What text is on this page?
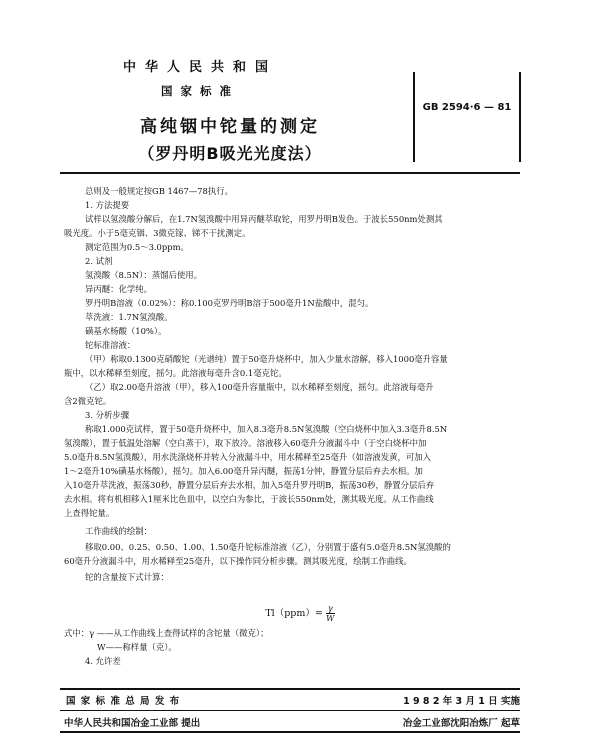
中华人民共和国
国家标准
GB 2594·6 — 81
高纯铟中铊量的测定
（罗丹明B吸光光度法）
总则及一般规定按GB 1467—78执行。
1. 方法提要
试样以氢溴酸分解后，在1.7N氢溴酸中用异丙醚萃取铊，用罗丹明B发色。于波长550nm处测其
吸光度。小于5毫克铟、3微克镓、锑不干扰测定。
测定范围为0.5～3.0ppm。
2. 试剂
氢溴酸（8.5N）：蒸馏后使用。
异丙醚：化学纯。
罗丹明B溶液（0.02%）：称0.100克罗丹明B溶于500毫升1N盐酸中，混匀。
萃洗液：1.7N氢溴酸。
磺基水杨酸（10%）。
铊标准溶液：
（甲）称取0.1300克硝酸铊（光谱纯）置于50毫升烧杯中，加入少量水溶解，移入1000毫升容量
瓶中，以水稀释至刻度，摇匀。此溶液每毫升含0.1毫克铊。
（乙）取2.00毫升溶液（甲），移入100毫升容量瓶中，以水稀释至刻度，摇匀。此溶液每毫升
含2微克铊。
3. 分析步骤
称取1.000克试样，置于50毫升烧杯中，加入8.3毫升8.5N氢溴酸（空白烧杯中加入3.3毫升8.5N
氢溴酸），置于低温处溶解（空白蒸干），取下放冷。溶液移入60毫升分液漏斗中（于空白烧杯中加
5.0毫升8.5N氢溴酸），用水洗涤烧杯并转入分液漏斗中，用水稀释至25毫升（如溶液发黄，可加入
1～2毫升10%磺基水杨酸），摇匀。加入6.00毫升异丙醚，振荡1分钟，静置分层后弃去水相。加
入10毫升萃洗液，振荡30秒，静置分层后弃去水相，加入5毫升罗丹明B，振荡30秒，静置分层后弃
去水相。将有机相移入1厘米比色皿中，以空白为参比，于波长550nm处，测其吸光度。从工作曲线
上查得铊量。
工作曲线的绘制：
移取0.00、0.25、0.50、1.00、1.50毫升铊标准溶液（乙），分别置于盛有5.0毫升8.5N氢溴酸的
60毫升分液漏斗中，用水稀释至25毫升，以下操作同分析步骤。测其吸光度，绘制工作曲线。
铊的含量按下式计算：
$Tl(ppm)= \frac{\gamma}{W}$
式中：γ ——从工作曲线上查得试样的含铊量（微克）；
W——称样量（克）。
4. 允许差
国 家 标 准 总 局 发 布	1 9 8 2 年 3 月 1 日 实施
中华人民共和国冶金工业部 提出	冶金工业部沈阳冶炼厂 起草
